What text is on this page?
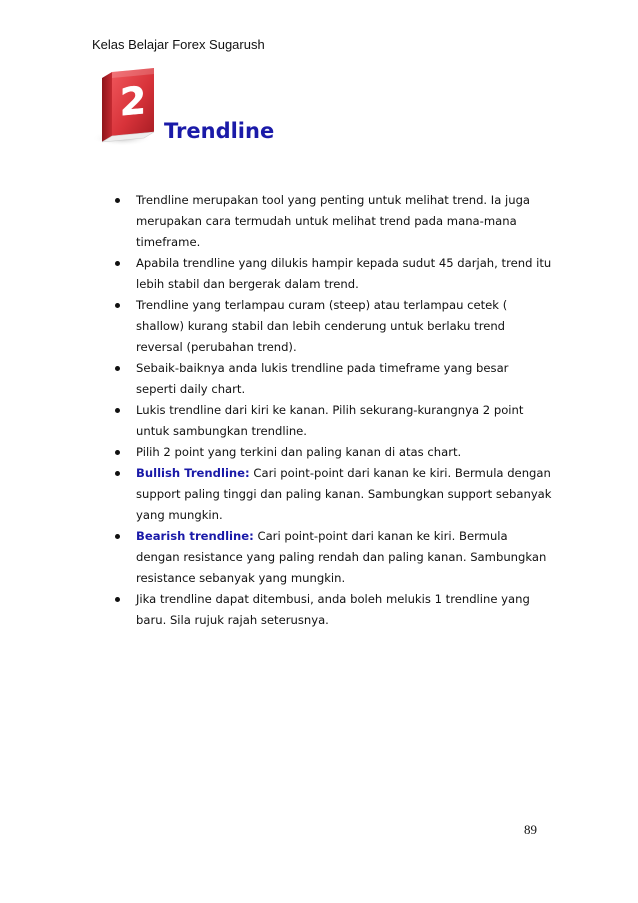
Kelas Belajar Forex Sugarush
2
Trendline
Trendline merupakan tool yang penting untuk melihat trend. Ia juga merupakan cara termudah untuk melihat trend pada mana-mana timeframe.
Apabila trendline yang dilukis hampir kepada sudut 45 darjah, trend itu lebih stabil dan bergerak dalam trend.
Trendline yang terlampau curam (steep) atau terlampau cetek ( shallow) kurang stabil dan lebih cenderung untuk berlaku trend reversal (perubahan trend).
Sebaik-baiknya anda lukis trendline pada timeframe yang besar seperti daily chart.
Lukis trendline dari kiri ke kanan. Pilih sekurang-kurangnya 2 point untuk sambungkan trendline.
Pilih 2 point yang terkini dan paling kanan di atas chart.
Bullish Trendline: Cari point-point dari kanan ke kiri. Bermula dengan support paling tinggi dan paling kanan. Sambungkan support sebanyak yang mungkin.
Bearish trendline: Cari point-point dari kanan ke kiri. Bermula dengan resistance yang paling rendah dan paling kanan. Sambungkan resistance sebanyak yang mungkin.
Jika trendline dapat ditembusi, anda boleh melukis 1 trendline yang baru. Sila rujuk rajah seterusnya.
89
